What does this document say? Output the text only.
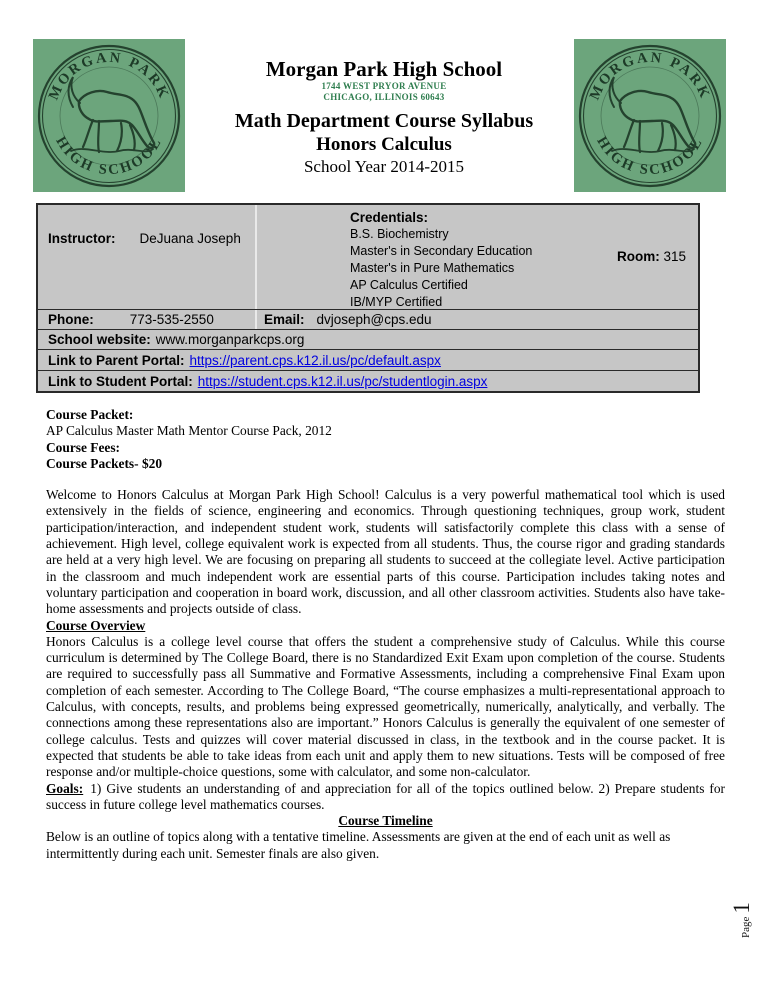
MORGAN PARK
HIGH SCHOOL
MORGAN PARK
HIGH SCHOOL
Morgan Park High School
1744 WEST PRYOR AVENUE
CHICAGO, ILLINOIS 60643
Math Department Course Syllabus
Honors Calculus
School Year 2014-2015
Instructor: DeJuana Joseph
Credentials:
B.S. Biochemistry
Master's in Secondary Education
Master's in Pure Mathematics
AP Calculus Certified
IB/MYP Certified
Room: 315
Phone:	773-535-2550	Email: dvjoseph@cps.edu
School website: www.morganparkcps.org
Link to Parent Portal: https://parent.cps.k12.il.us/pc/default.aspx
Link to Student Portal: https://student.cps.k12.il.us/pc/studentlogin.aspx
Course Packet:
AP Calculus Master Math Mentor Course Pack, 2012
Course Fees:
Course Packets- $20

Welcome to Honors Calculus at Morgan Park High School! Calculus is a very powerful mathematical tool which is used extensively in the fields of science, engineering and economics. Through questioning techniques, group work, student participation/interaction, and independent student work, students will satisfactorily complete this class with a sense of achievement. High level, college equivalent work is expected from all students. Thus, the course rigor and grading standards are held at a very high level. We are focusing on preparing all students to succeed at the collegiate level. Active participation in the classroom and much independent work are essential parts of this course. Participation includes taking notes and voluntary participation and cooperation in board work, discussion, and all other classroom activities. Students also have take-home assessments and projects outside of class.

Course Overview

Honors Calculus is a college level course that offers the student a comprehensive study of Calculus. While this course curriculum is determined by The College Board, there is no Standardized Exit Exam upon completion of the course. Students are required to successfully pass all Summative and Formative Assessments, including a comprehensive Final Exam upon completion of each semester. According to The College Board, “The course emphasizes a multi-representational approach to Calculus, with concepts, results, and problems being expressed geometrically, numerically, analytically, and verbally. The connections among these representations also are important.” Honors Calculus is generally the equivalent of one semester of college calculus. Tests and quizzes will cover material discussed in class, in the textbook and in the course packet. It is expected that students be able to take ideas from each unit and apply them to new situations. Tests will be composed of free response and/or multiple-choice questions, some with calculator, and some non-calculator.

Goals: 1) Give students an understanding of and appreciation for all of the topics outlined below. 2) Prepare students for success in future college level mathematics courses.

Course Timeline

Below is an outline of topics along with a tentative timeline. Assessments are given at the end of each unit as well as intermittently during each unit. Semester finals are also given.

Page1
